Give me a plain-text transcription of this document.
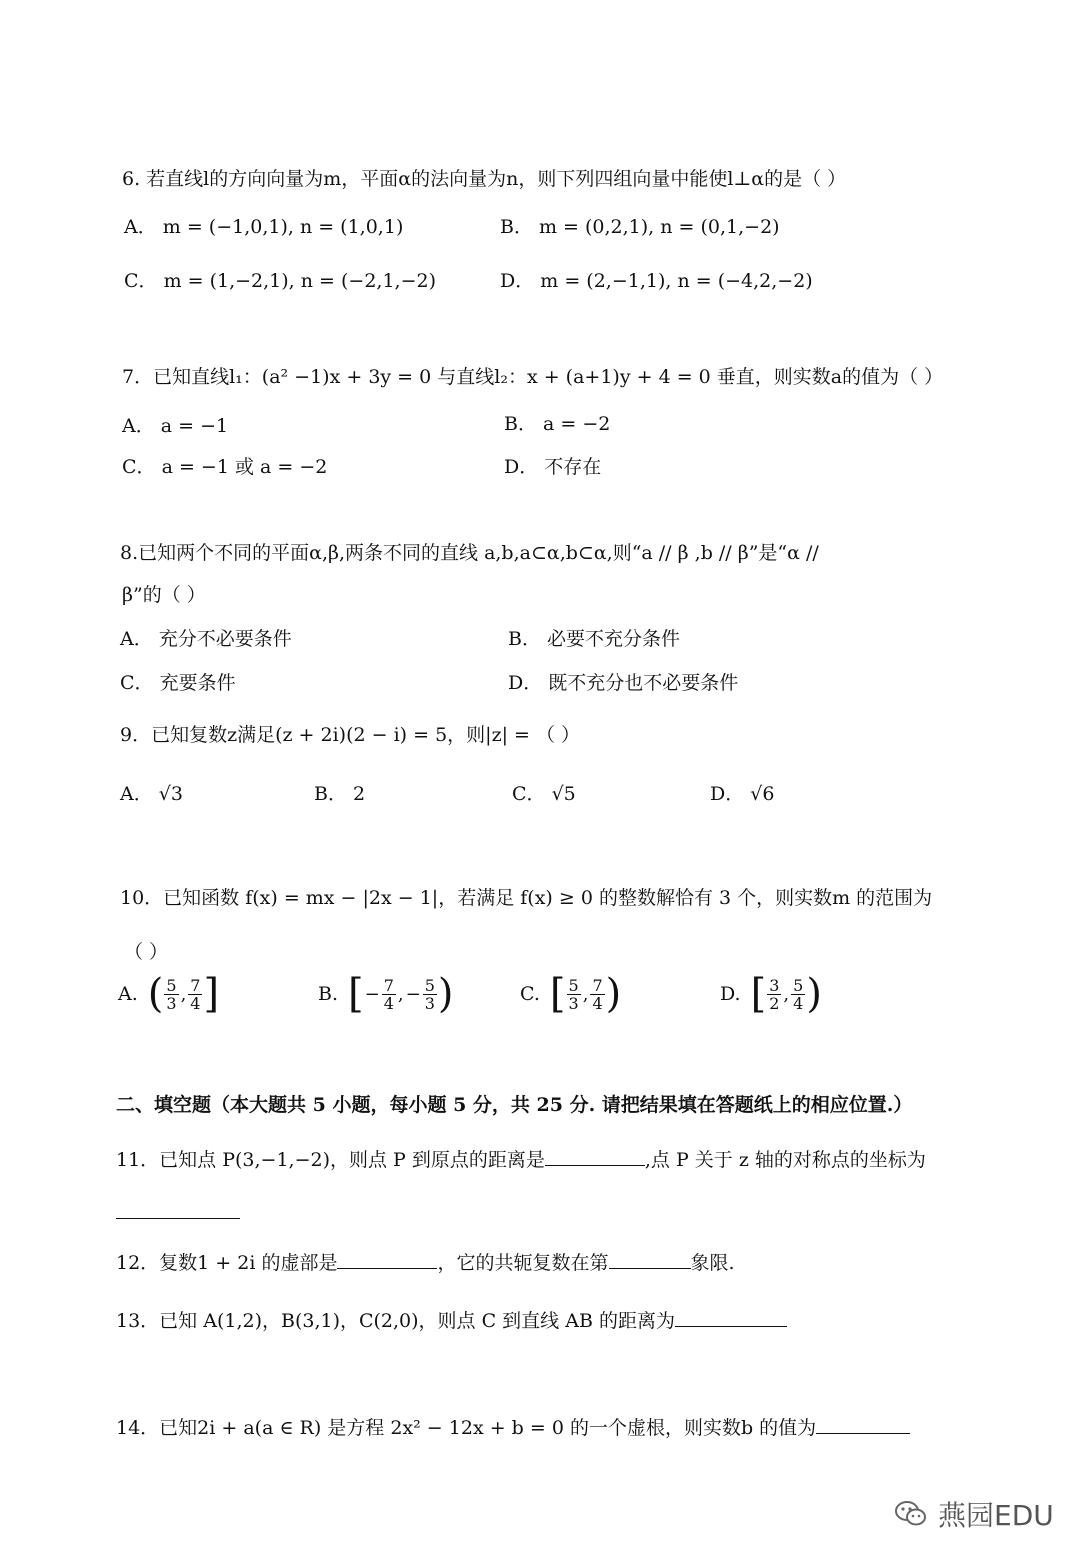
6. 若直线l的方向向量为m，平面α的法向量为n，则下列四组向量中能使l⊥α的是（ ）
A． m = (−1,0,1), n = (1,0,1)	B． m = (0,2,1), n = (0,1,−2)
C． m = (1,−2,1), n = (−2,1,−2)	D． m = (2,−1,1), n = (−4,2,−2)
7．已知直线l₁：(a² −1)x + 3y = 0 与直线l₂：x + (a+1)y + 4 = 0 垂直，则实数a的值为（ ）
A． a = −1	B． a = −2
C． a = −1 或 a = −2	D． 不存在
8.已知两个不同的平面α,β,两条不同的直线 a,b,a⊂α,b⊂α,则“a // β ,b // β”是“α //
β”的（ ）
A． 充分不必要条件	B． 必要不充分条件
C． 充要条件	D． 既不充分也不必要条件
9．已知复数z满足(z + 2i)(2 − i) = 5，则|z| = （ ）
A． √3	B． 2	C． √5	D． √6
10．已知函数 f(x) = mx − |2x − 1|，若满足 f(x) ≥ 0 的整数解恰有 3 个，则实数m 的范围为
（ ）
A. ( $\frac{5}{3}$ , $\frac{7}{4}$ ]	B. [ − $\frac{7}{4}$ , − $\frac{5}{3}$ )	C. [ $\frac{5}{3}$ , $\frac{7}{4}$ )	D. [ $\frac{3}{2}$ , $\frac{5}{4}$ )
二、填空题（本大题共 5 小题，每小题 5 分，共 25 分. 请把结果填在答题纸上的相应位置.）
11．已知点 P(3,−1,−2)，则点 P 到原点的距离是	,点 P 关于 z 轴的对称点的坐标为
12．复数1 + 2i 的虚部是	，它的共轭复数在第	象限.
13．已知 A(1,2)，B(3,1)，C(2,0)，则点 C 到直线 AB 的距离为
14．已知2i + a(a ∈ R) 是方程 2x² − 12x + b = 0 的一个虚根，则实数b 的值为
燕园EDU
